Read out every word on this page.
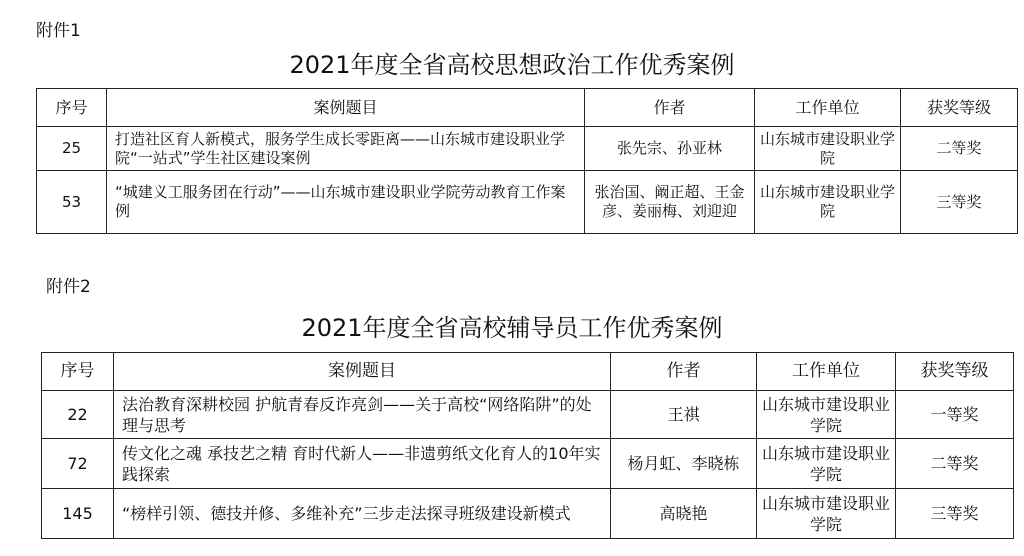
附件1
2021年度全省高校思想政治工作优秀案例
序号	案例题目	作者	工作单位	获奖等级
25	打造社区育人新模式，服务学生成长零距离——山东城市建设职业学院“一站式”学生社区建设案例	张先宗、孙亚林	山东城市建设职业学院	二等奖
53	“城建义工服务团在行动”——山东城市建设职业学院劳动教育工作案例	张治国、阚正超、王金彦、姜丽梅、刘迎迎	山东城市建设职业学院	三等奖
附件2
2021年度全省高校辅导员工作优秀案例
序号	案例题目	作者	工作单位	获奖等级
22	法治教育深耕校园 护航青春反诈亮剑——关于高校“网络陷阱”的处理与思考	王祺	山东城市建设职业学院	一等奖
72	传文化之魂 承技艺之精 育时代新人——非遗剪纸文化育人的10年实践探索	杨月虹、李晓栋	山东城市建设职业学院	二等奖
145	“榜样引领、德技并修、多维补充”三步走法探寻班级建设新模式	高晓艳	山东城市建设职业学院	三等奖
